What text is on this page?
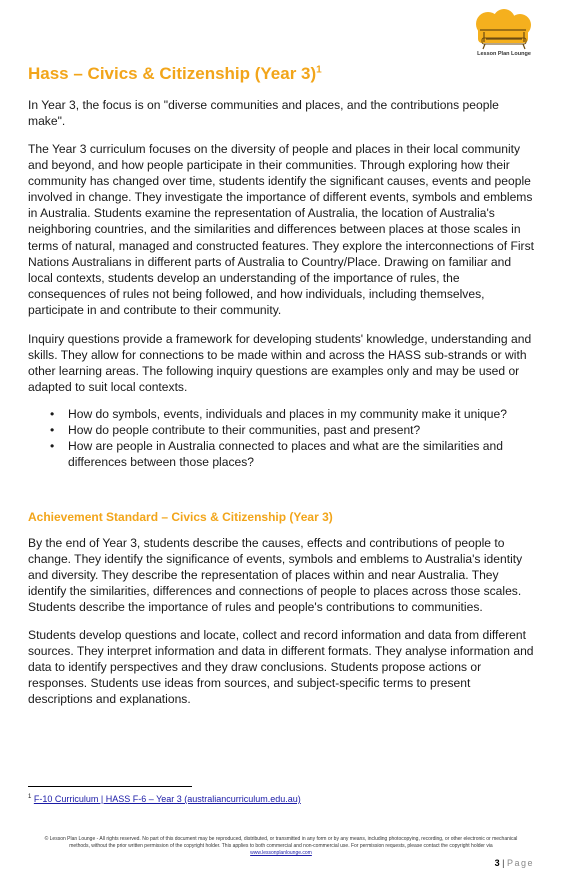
Lesson Plan Lounge
Hass – Civics & Citizenship (Year 3)$^1$

In Year 3, the focus is on "diverse communities and places, and the contributions people make".

The Year 3 curriculum focuses on the diversity of people and places in their local community and beyond, and how people participate in their communities. Through exploring how their community has changed over time, students identify the significant causes, events and people involved in change. They investigate the importance of different events, symbols and emblems in Australia. Students examine the representation of Australia, the location of Australia's neighboring countries, and the similarities and differences between places at those scales in terms of natural, managed and constructed features. They explore the interconnections of First Nations Australians in different parts of Australia to Country/Place. Drawing on familiar and local contexts, students develop an understanding of the importance of rules, the consequences of rules not being followed, and how individuals, including themselves, participate in and contribute to their community.

Inquiry questions provide a framework for developing students' knowledge, understanding and skills. They allow for connections to be made within and across the HASS sub-strands or with other learning areas. The following inquiry questions are examples only and may be used or adapted to suit local contexts.

• How do symbols, events, individuals and places in my community make it unique?
• How do people contribute to their communities, past and present?
• How are people in Australia connected to places and what are the similarities and differences between those places?
Achievement Standard – Civics & Citizenship (Year 3)

By the end of Year 3, students describe the causes, effects and contributions of people to change. They identify the significance of events, symbols and emblems to Australia's identity and diversity. They describe the representation of places within and near Australia. They identify the similarities, differences and connections of people to places across those scales. Students describe the importance of rules and people's contributions to communities.

Students develop questions and locate, collect and record information and data from different sources. They interpret information and data in different formats. They analyse information and data to identify perspectives and they draw conclusions. Students propose actions or responses. Students use ideas from sources, and subject-specific terms to present descriptions and explanations.

$^1$ F-10 Curriculum | HASS F-6 – Year 3 (australiancurriculum.edu.au)

© Lesson Plan Lounge - All rights reserved. No part of this document may be reproduced, distributed, or transmitted in any form or by any means, including photocopying, recording, or other electronic or mechanical methods, without the prior written permission of the copyright holder. This applies to both commercial and non-commercial use. For permission requests, please contact the copyright holder via
www.lessonplanlounge.com

3 | Page
